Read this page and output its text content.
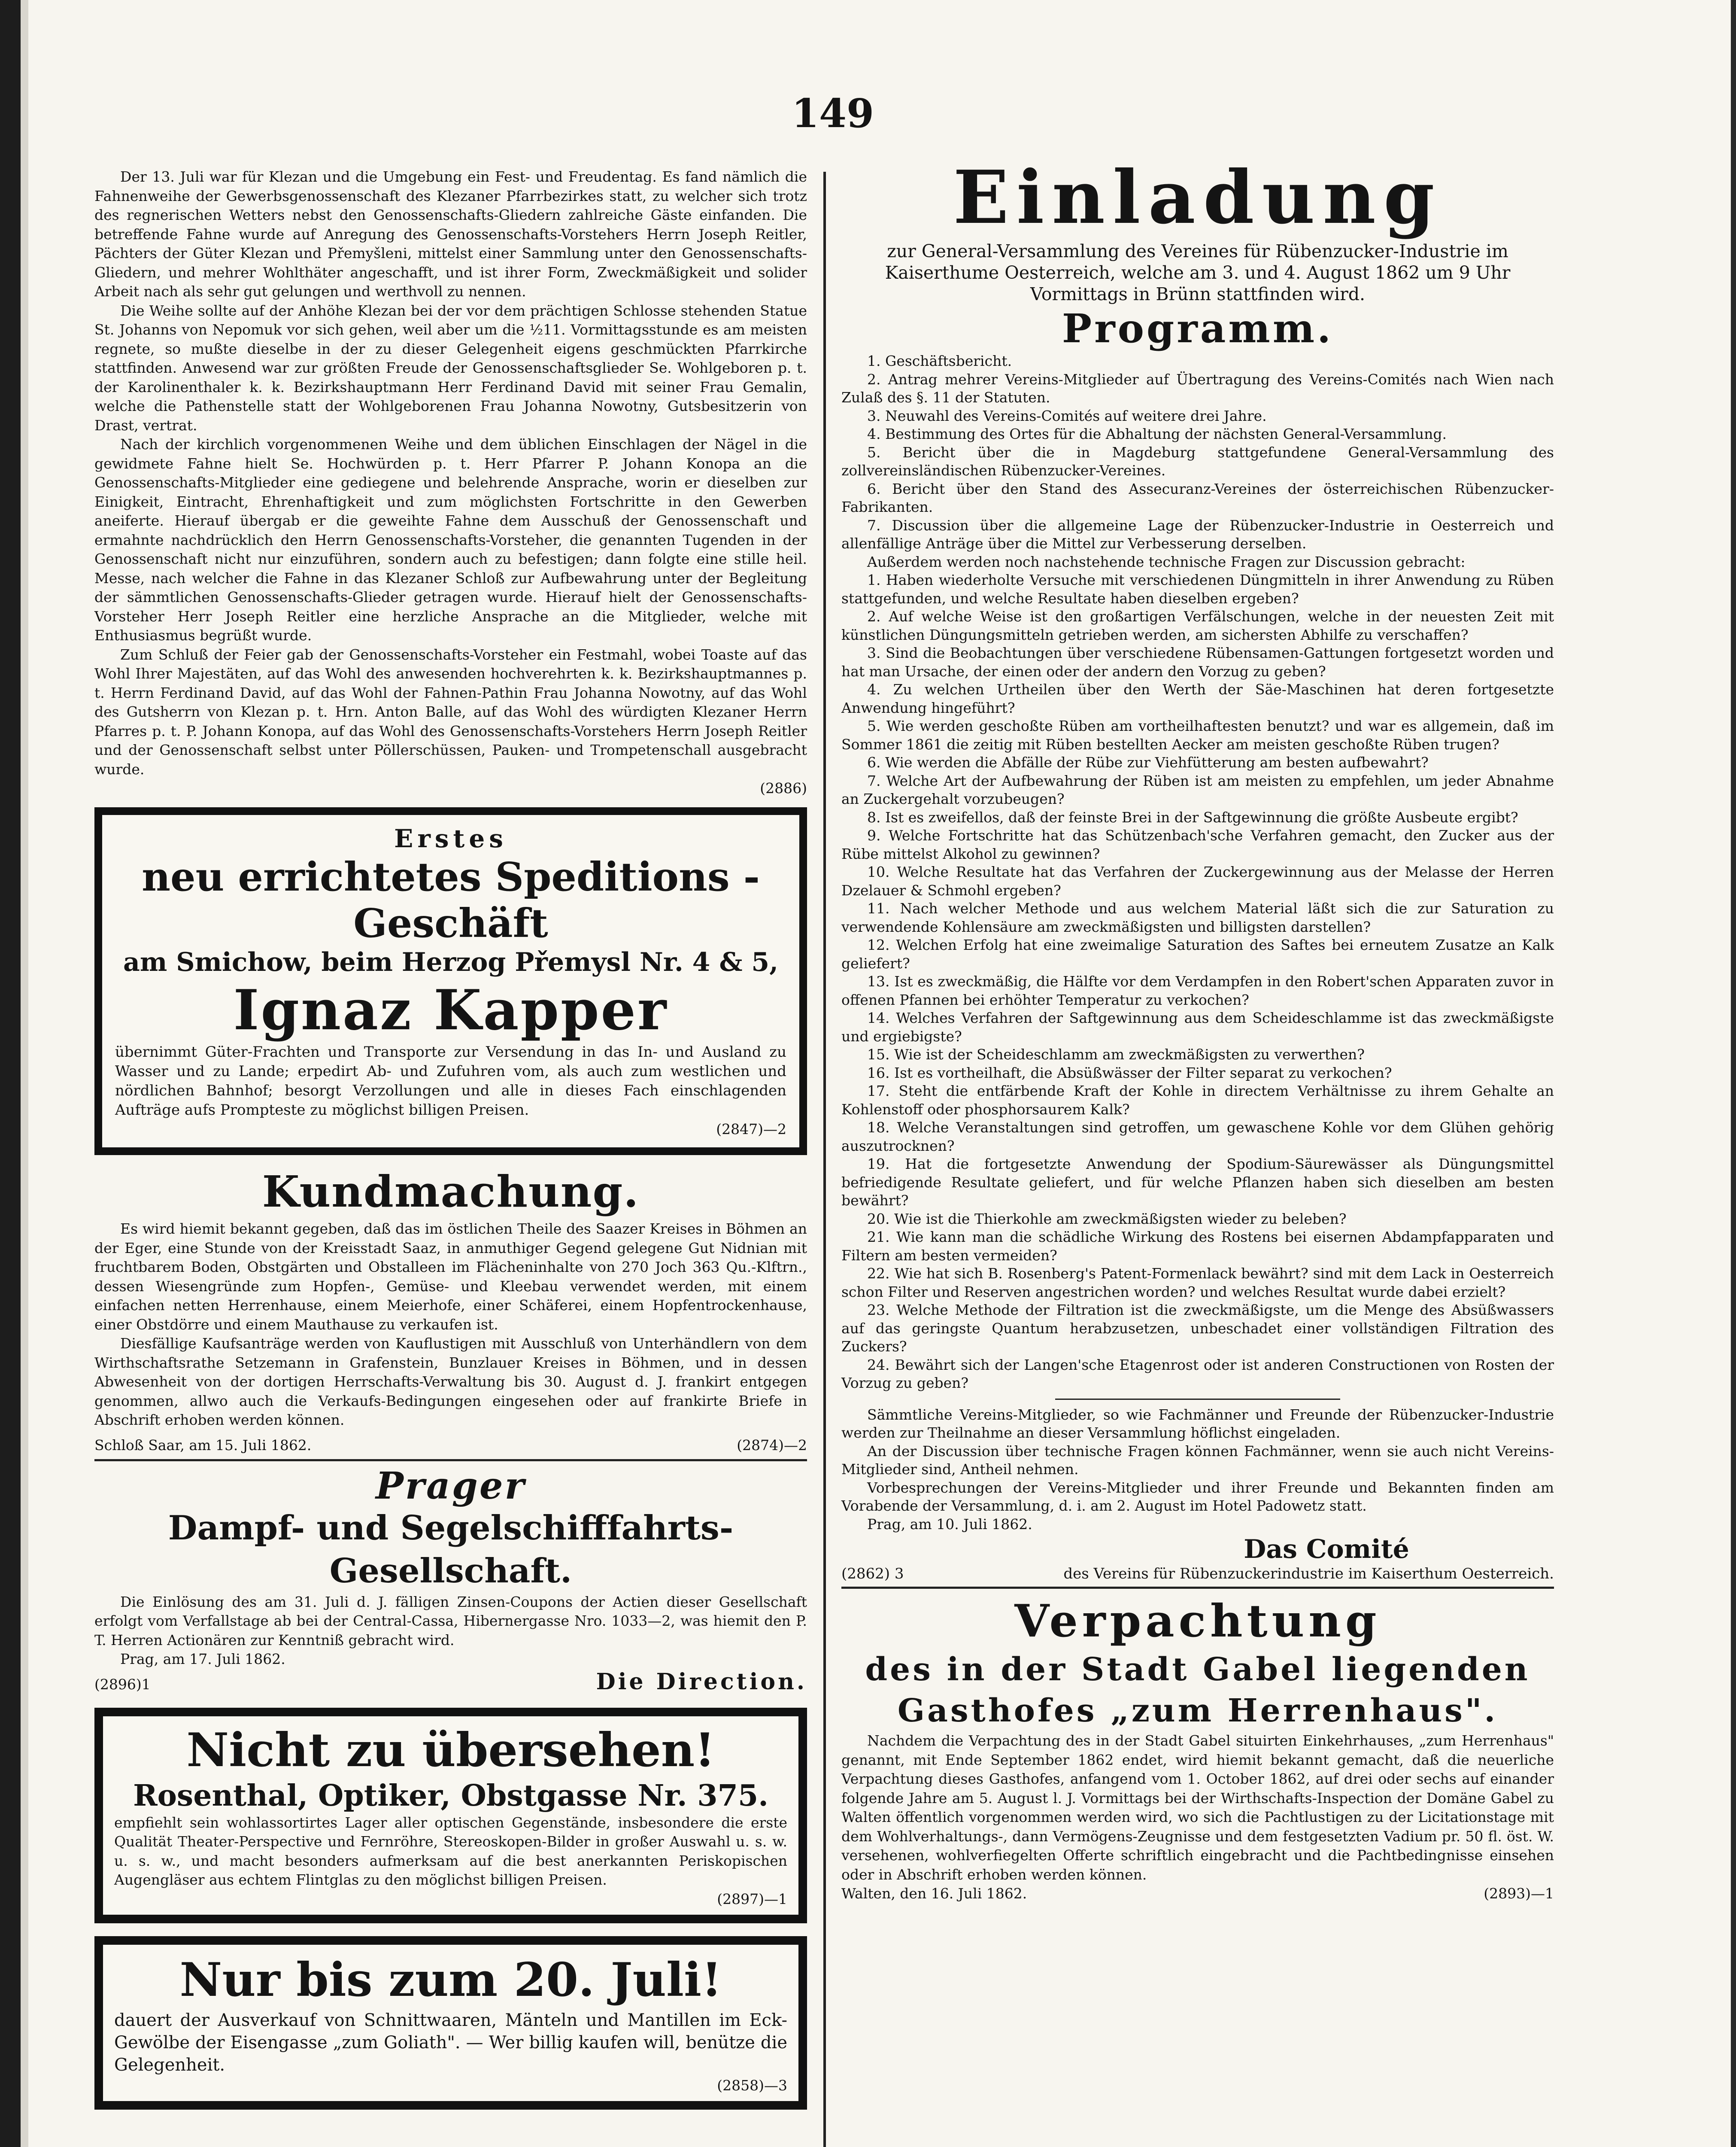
149

Der 13. Juli war für Klezan und die Umgebung ein Fest- und Freudentag. Es fand nämlich die Fahnenweihe der Gewerbsgenossenschaft des Klezaner Pfarrbezirkes statt, zu welcher sich trotz des regnerischen Wetters nebst den Genossenschafts-Gliedern zahlreiche Gäste einfanden. Die betreffende Fahne wurde auf Anregung des Genossenschafts-Vorstehers Herrn Joseph Reitler, Pächters der Güter Klezan und Přemyšleni, mittelst einer Sammlung unter den Genossenschafts-Gliedern, und mehrer Wohlthäter angeschafft, und ist ihrer Form, Zweckmäßigkeit und solider Arbeit nach als sehr gut gelungen und werthvoll zu nennen.

Die Weihe sollte auf der Anhöhe Klezan bei der vor dem prächtigen Schlosse stehenden Statue St. Johanns von Nepomuk vor sich gehen, weil aber um die ½11. Vormittagsstunde es am meisten regnete, so mußte dieselbe in der zu dieser Gelegenheit eigens geschmückten Pfarrkirche stattfinden. Anwesend war zur größten Freude der Genossenschaftsglieder Se. Wohlgeboren p. t. der Karolinenthaler k. k. Bezirkshauptmann Herr Ferdinand David mit seiner Frau Gemalin, welche die Pathenstelle statt der Wohlgeborenen Frau Johanna Nowotny, Gutsbesitzerin von Drast, vertrat.

Nach der kirchlich vorgenommenen Weihe und dem üblichen Einschlagen der Nägel in die gewidmete Fahne hielt Se. Hochwürden p. t. Herr Pfarrer P. Johann Konopa an die Genossenschafts-Mitglieder eine gediegene und belehrende Ansprache, worin er dieselben zur Einigkeit, Eintracht, Ehrenhaftigkeit und zum möglichsten Fortschritte in den Gewerben aneiferte. Hierauf übergab er die geweihte Fahne dem Ausschuß der Genossenschaft und ermahnte nachdrücklich den Herrn Genossenschafts-Vorsteher, die genannten Tugenden in der Genossenschaft nicht nur einzuführen, sondern auch zu befestigen; dann folgte eine stille heil. Messe, nach welcher die Fahne in das Klezaner Schloß zur Aufbewahrung unter der Begleitung der sämmtlichen Genossenschafts-Glieder getragen wurde. Hierauf hielt der Genossenschafts-Vorsteher Herr Joseph Reitler eine herzliche Ansprache an die Mitglieder, welche mit Enthusiasmus begrüßt wurde.

Zum Schluß der Feier gab der Genossenschafts-Vorsteher ein Festmahl, wobei Toaste auf das Wohl Ihrer Majestäten, auf das Wohl des anwesenden hochverehrten k. k. Bezirkshauptmannes p. t. Herrn Ferdinand David, auf das Wohl der Fahnen-Pathin Frau Johanna Nowotny, auf das Wohl des Gutsherrn von Klezan p. t. Hrn. Anton Balle, auf das Wohl des würdigten Klezaner Herrn Pfarres p. t. P. Johann Konopa, auf das Wohl des Genossenschafts-Vorstehers Herrn Joseph Reitler und der Genossenschaft selbst unter Pöllerschüssen, Pauken- und Trompetenschall ausgebracht wurde.

(2886)
Erstes
neu errichtetes Speditions - Geschäft
am Smichow, beim Herzog Přemysl Nr. 4 & 5,
Ignaz Kapper

übernimmt Güter-Frachten und Transporte zur Versendung in das In- und Ausland zu Wasser und zu Lande; erpedirt Ab- und Zufuhren vom, als auch zum westlichen und nördlichen Bahnhof; besorgt Verzollungen und alle in dieses Fach einschlagenden Aufträge aufs Prompteste zu möglichst billigen Preisen.

(2847)—2
Kundmachung.

Es wird hiemit bekannt gegeben, daß das im östlichen Theile des Saazer Kreises in Böhmen an der Eger, eine Stunde von der Kreisstadt Saaz, in anmuthiger Gegend gelegene Gut Nidnian mit fruchtbarem Boden, Obstgärten und Obstalleen im Flächeninhalte von 270 Joch 363 Qu.-Klftrn., dessen Wiesengründe zum Hopfen-, Gemüse- und Kleebau verwendet werden, mit einem einfachen netten Herrenhause, einem Meierhofe, einer Schäferei, einem Hopfentrockenhause, einer Obstdörre und einem Mauthause zu verkaufen ist.

Diesfällige Kaufsanträge werden von Kauflustigen mit Ausschluß von Unterhändlern von dem Wirthschaftsrathe Setzemann in Grafenstein, Bunzlauer Kreises in Böhmen, und in dessen Abwesenheit von der dortigen Herrschafts-Verwaltung bis 30. August d. J. frankirt entgegen genommen, allwo auch die Verkaufs-Bedingungen eingesehen oder auf frankirte Briefe in Abschrift erhoben werden können.

Schloß Saar, am 15. Juli 1862.	(2874)—2
Prager
Dampf- und Segelschifffahrts-Gesellschaft.

Die Einlösung des am 31. Juli d. J. fälligen Zinsen-Coupons der Actien dieser Gesellschaft erfolgt vom Verfallstage ab bei der Central-Cassa, Hibernergasse Nro. 1033—2, was hiemit den P. T. Herren Actionären zur Kenntniß gebracht wird.

Prag, am 17. Juli 1862.

(2896)1	Die Direction.
Nicht zu übersehen!
Rosenthal, Optiker, Obstgasse Nr. 375.

empfiehlt sein wohlassortirtes Lager aller optischen Gegenstände, insbesondere die erste Qualität Theater-Perspective und Fernröhre, Stereoskopen-Bilder in großer Auswahl u. s. w. u. s. w., und macht besonders aufmerksam auf die best anerkannten Periskopischen Augengläser aus echtem Flintglas zu den möglichst billigen Preisen.

(2897)—1
Nur bis zum 20. Juli!

dauert der Ausverkauf von Schnittwaaren, Mänteln und Mantillen im Eck-Gewölbe der Eisengasse „zum Goliath". — Wer billig kaufen will, benütze die Gelegenheit.

(2858)—3
Einladung

zur General-Versammlung des Vereines für Rübenzucker-Industrie im Kaiserthume Oesterreich, welche am 3. und 4. August 1862 um 9 Uhr Vormittags in Brünn stattfinden wird.

Programm.

1. Geschäftsbericht.

2. Antrag mehrer Vereins-Mitglieder auf Übertragung des Vereins-Comités nach Wien nach Zulaß des §. 11 der Statuten.

3. Neuwahl des Vereins-Comités auf weitere drei Jahre.

4. Bestimmung des Ortes für die Abhaltung der nächsten General-Versammlung.

5. Bericht über die in Magdeburg stattgefundene General-Versammlung des zollvereinsländischen Rübenzucker-Vereines.

6. Bericht über den Stand des Assecuranz-Vereines der österreichischen Rübenzucker-Fabrikanten.

7. Discussion über die allgemeine Lage der Rübenzucker-Industrie in Oesterreich und allenfällige Anträge über die Mittel zur Verbesserung derselben.

Außerdem werden noch nachstehende technische Fragen zur Discussion gebracht:

1. Haben wiederholte Versuche mit verschiedenen Düngmitteln in ihrer Anwendung zu Rüben stattgefunden, und welche Resultate haben dieselben ergeben?

2. Auf welche Weise ist den großartigen Verfälschungen, welche in der neuesten Zeit mit künstlichen Düngungsmitteln getrieben werden, am sichersten Abhilfe zu verschaffen?

3. Sind die Beobachtungen über verschiedene Rübensamen-Gattungen fortgesetzt worden und hat man Ursache, der einen oder der andern den Vorzug zu geben?

4. Zu welchen Urtheilen über den Werth der Säe-Maschinen hat deren fortgesetzte Anwendung hingeführt?

5. Wie werden geschoßte Rüben am vortheilhaftesten benutzt? und war es allgemein, daß im Sommer 1861 die zeitig mit Rüben bestellten Aecker am meisten geschoßte Rüben trugen?

6. Wie werden die Abfälle der Rübe zur Viehfütterung am besten aufbewahrt?

7. Welche Art der Aufbewahrung der Rüben ist am meisten zu empfehlen, um jeder Abnahme an Zuckergehalt vorzubeugen?

8. Ist es zweifellos, daß der feinste Brei in der Saftgewinnung die größte Ausbeute ergibt?

9. Welche Fortschritte hat das Schützenbach'sche Verfahren gemacht, den Zucker aus der Rübe mittelst Alkohol zu gewinnen?

10. Welche Resultate hat das Verfahren der Zuckergewinnung aus der Melasse der Herren Dzelauer & Schmohl ergeben?

11. Nach welcher Methode und aus welchem Material läßt sich die zur Saturation zu verwendende Kohlensäure am zweckmäßigsten und billigsten darstellen?

12. Welchen Erfolg hat eine zweimalige Saturation des Saftes bei erneutem Zusatze an Kalk geliefert?

13. Ist es zweckmäßig, die Hälfte vor dem Verdampfen in den Robert'schen Apparaten zuvor in offenen Pfannen bei erhöhter Temperatur zu verkochen?

14. Welches Verfahren der Saftgewinnung aus dem Scheideschlamme ist das zweckmäßigste und ergiebigste?

15. Wie ist der Scheideschlamm am zweckmäßigsten zu verwerthen?

16. Ist es vortheilhaft, die Absüßwässer der Filter separat zu verkochen?

17. Steht die entfärbende Kraft der Kohle in directem Verhältnisse zu ihrem Gehalte an Kohlenstoff oder phosphorsaurem Kalk?

18. Welche Veranstaltungen sind getroffen, um gewaschene Kohle vor dem Glühen gehörig auszutrocknen?

19. Hat die fortgesetzte Anwendung der Spodium-Säurewässer als Düngungsmittel befriedigende Resultate geliefert, und für welche Pflanzen haben sich dieselben am besten bewährt?

20. Wie ist die Thierkohle am zweckmäßigsten wieder zu beleben?

21. Wie kann man die schädliche Wirkung des Rostens bei eisernen Abdampfapparaten und Filtern am besten vermeiden?

22. Wie hat sich B. Rosenberg's Patent-Formenlack bewährt? sind mit dem Lack in Oesterreich schon Filter und Reserven angestrichen worden? und welches Resultat wurde dabei erzielt?

23. Welche Methode der Filtration ist die zweckmäßigste, um die Menge des Absüßwassers auf das geringste Quantum herabzusetzen, unbeschadet einer vollständigen Filtration des Zuckers?

24. Bewährt sich der Langen'sche Etagenrost oder ist anderen Constructionen von Rosten der Vorzug zu geben?

Sämmtliche Vereins-Mitglieder, so wie Fachmänner und Freunde der Rübenzucker-Industrie werden zur Theilnahme an dieser Versammlung höflichst eingeladen.

An der Discussion über technische Fragen können Fachmänner, wenn sie auch nicht Vereins-Mitglieder sind, Antheil nehmen.

Vorbesprechungen der Vereins-Mitglieder und ihrer Freunde und Bekannten finden am Vorabende der Versammlung, d. i. am 2. August im Hotel Padowetz statt.

Prag, am 10. Juli 1862.

Das Comité
(2862) 3	des Vereins für Rübenzuckerindustrie im Kaiserthum Oesterreich.
Verpachtung
des in der Stadt Gabel liegenden Gasthofes „zum Herrenhaus".

Nachdem die Verpachtung des in der Stadt Gabel situirten Einkehrhauses, „zum Herrenhaus" genannt, mit Ende September 1862 endet, wird hiemit bekannt gemacht, daß die neuerliche Verpachtung dieses Gasthofes, anfangend vom 1. October 1862, auf drei oder sechs auf einander folgende Jahre am 5. August l. J. Vormittags bei der Wirthschafts-Inspection der Domäne Gabel zu Walten öffentlich vorgenommen werden wird, wo sich die Pachtlustigen zu der Licitationstage mit dem Wohlverhaltungs-, dann Vermögens-Zeugnisse und dem festgesetzten Vadium pr. 50 fl. öst. W. versehenen, wohlverfiegelten Offerte schriftlich eingebracht und die Pachtbedingnisse einsehen oder in Abschrift erhoben werden können.

Walten, den 16. Juli 1862.	(2893)—1
